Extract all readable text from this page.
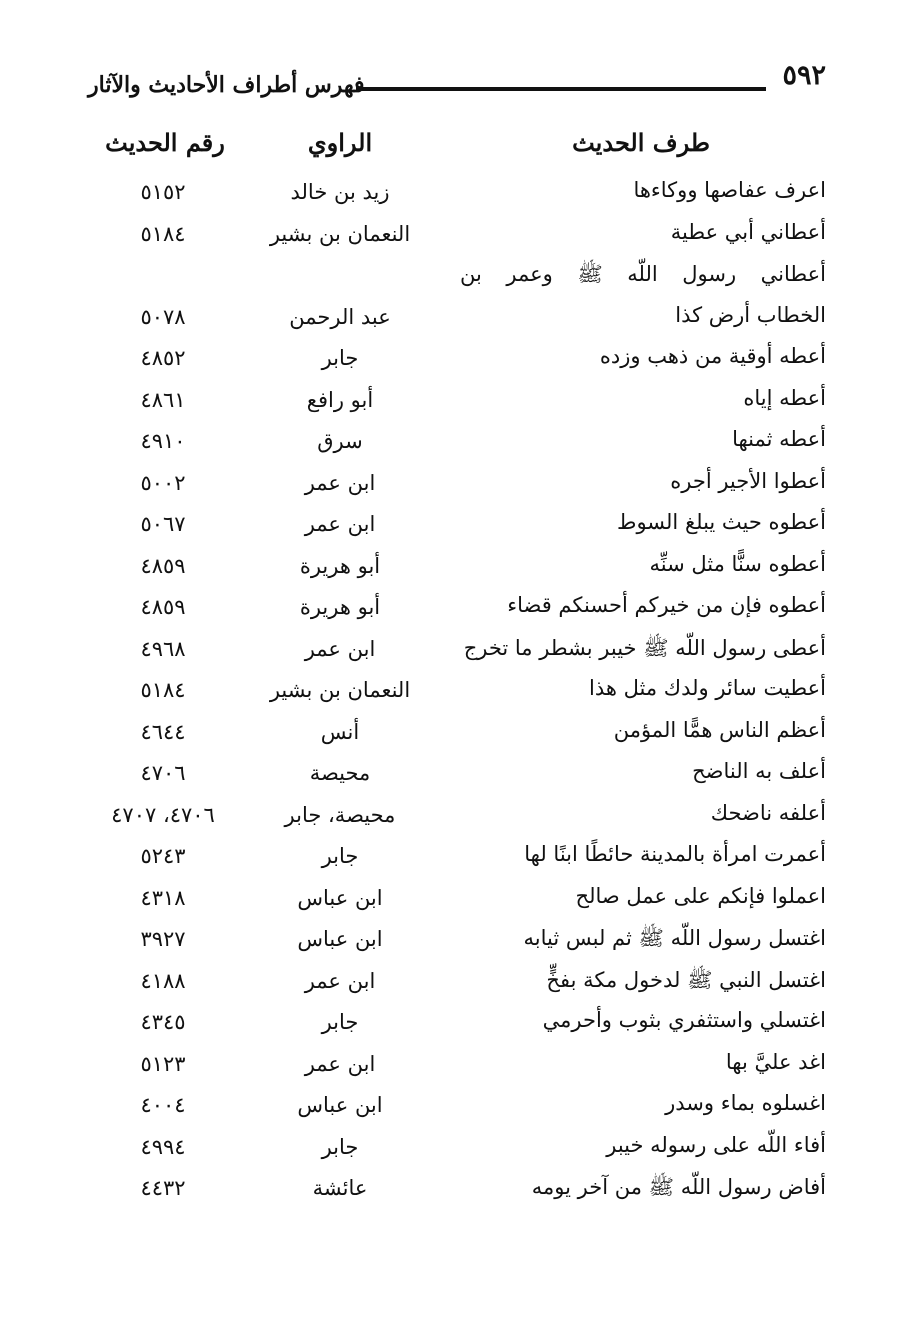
٥٩٢
فهرس أطراف الأحاديث والآثار
طرف الحديث
الراوي
رقم الحديث
اعرف عفاصها ووكاءها
زيد بن خالد
٥١٥٢
أعطاني أبي عطية
النعمان بن بشير
٥١٨٤
أعطاني رسول اللّه ﷺ وعمر بن
الخطاب أرض كذا
عبد الرحمن
٥٠٧٨
أعطه أوقية من ذهب وزده
جابر
٤٨٥٢
أعطه إياه
أبو رافع
٤٨٦١
أعطه ثمنها
سرق
٤٩١٠
أعطوا الأجير أجره
ابن عمر
٥٠٠٢
أعطوه حيث يبلغ السوط
ابن عمر
٥٠٦٧
أعطوه سنًّا مثل سنِّه
أبو هريرة
٤٨٥٩
أعطوه فإن من خيركم أحسنكم قضاء
أبو هريرة
٤٨٥٩
أعطى رسول اللّه ﷺ خيبر بشطر ما تخرج
ابن عمر
٤٩٦٨
أعطيت سائر ولدك مثل هذا
النعمان بن بشير
٥١٨٤
أعظم الناس همًّا المؤمن
أنس
٤٦٤٤
أعلف به الناضح
محيصة
٤٧٠٦
أعلفه ناضحك
محيصة، جابر
٤٧٠٦، ٤٧٠٧
أعمرت امرأة بالمدينة حائطًا ابنًا لها
جابر
٥٢٤٣
اعملوا فإنكم على عمل صالح
ابن عباس
٤٣١٨
اغتسل رسول اللّه ﷺ ثم لبس ثيابه
ابن عباس
٣٩٢٧
اغتسل النبي ﷺ لدخول مكة بفخٍّ
ابن عمر
٤١٨٨
اغتسلي واستثفري بثوب وأحرمي
جابر
٤٣٤٥
اغد عليَّ بها
ابن عمر
٥١٢٣
اغسلوه بماء وسدر
ابن عباس
٤٠٠٤
أفاء اللّه على رسوله خيبر
جابر
٤٩٩٤
أفاض رسول اللّه ﷺ من آخر يومه
عائشة
٤٤٣٢
